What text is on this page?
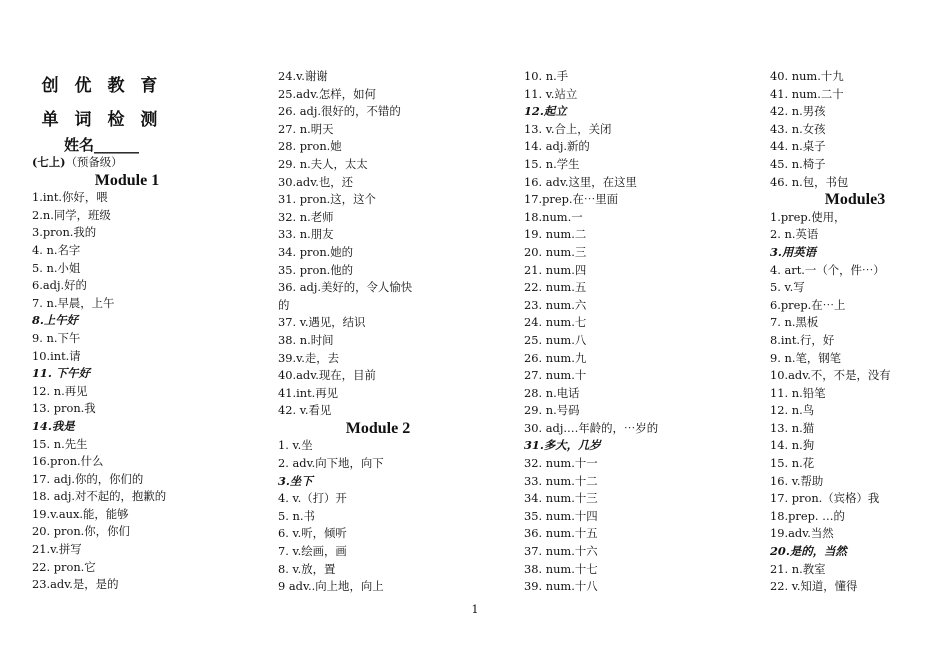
创 优 教 育
单 词 检 测
姓名______
(七上)（预备级）
Module 1
1.int.你好，喂
2.n.同学，班级
3.pron.我的
4. n.名字
5. n.小姐
6.adj.好的
7. n.早晨，上午
8.上午好
9. n.下午
10.int.请
11. 下午好
12. n.再见
13. pron.我
14.我是
15. n.先生
16.pron.什么
17. adj.你的，你们的
18. adj.对不起的，抱歉的
19.v.aux.能，能够
20. pron.你，你们
21.v.拼写
22. pron.它
23.adv.是，是的
24.v.谢谢
25.adv.怎样，如何
26. adj.很好的，不错的
27. n.明天
28. pron.她
29. n.夫人，太太
30.adv.也，还
31. pron.这，这个
32. n.老师
33. n.朋友
34. pron.她的
35. pron.他的
36. adj.美好的，令人愉快
的
37. v.遇见，结识
38. n.时间
39.v.走，去
40.adv.现在，目前
41.int.再见
42. v.看见
Module 2
1. v.坐
2. adv.向下地，向下
3.坐下
4. v.（打）开
5. n.书
6. v.听，倾听
7. v.绘画，画
8. v.放，置
9 adv..向上地，向上
10. n.手
11. v.站立
12.起立
13. v.合上，关闭
14. adj.新的
15. n.学生
16. adv.这里，在这里
17.prep.在⋯里面
18.num.一
19. num.二
20. num.三
21. num.四
22. num.五
23. num.六
24. num.七
25. num.八
26. num.九
27. num.十
28. n.电话
29. n.号码
30. adj.…年龄的，⋯岁的
31.多大，几岁
32. num.十一
33. num.十二
34. num.十三
35. num.十四
36. num.十五
37. num.十六
38. num.十七
39. num.十八
40. num.十九
41. num.二十
42. n.男孩
43. n.女孩
44. n.桌子
45. n.椅子
46. n.包，书包
Module3
1.prep.使用，
2. n.英语
3.用英语
4. art.一（个，件⋯）
5. v.写
6.prep.在⋯上
7. n.黑板
8.int.行，好
9. n.笔，钢笔
10.adv.不，不是，没有
11. n.铅笔
12. n.鸟
13. n.猫
14. n.狗
15. n.花
16. v.帮助
17. pron.（宾格）我
18.prep. …的
19.adv.当然
20.是的，当然
21. n.教室
22. v.知道，懂得
1
